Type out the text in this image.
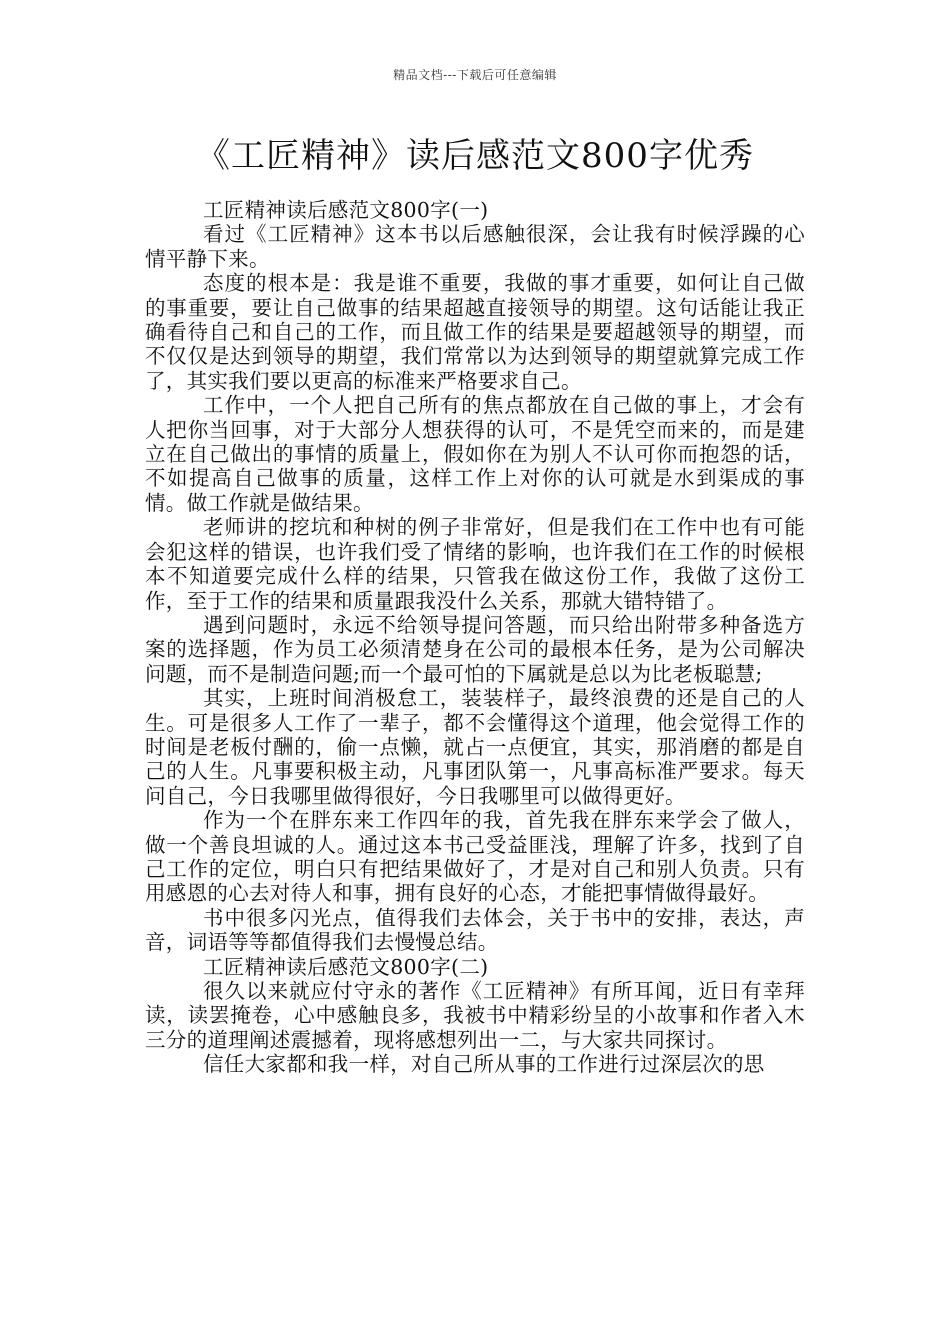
精品文档---下载后可任意编辑
《工匠精神》读后感范文800字优秀

工匠精神读后感范文800字(一)

看过《工匠精神》这本书以后感触很深，会让我有时候浮躁的心情平静下来。

态度的根本是：我是谁不重要，我做的事才重要，如何让自己做的事重要，要让自己做事的结果超越直接领导的期望。这句话能让我正确看待自己和自己的工作，而且做工作的结果是要超越领导的期望，而不仅仅是达到领导的期望，我们常常以为达到领导的期望就算完成工作了，其实我们要以更高的标准来严格要求自己。

工作中，一个人把自己所有的焦点都放在自己做的事上，才会有人把你当回事，对于大部分人想获得的认可，不是凭空而来的，而是建立在自己做出的事情的质量上，假如你在为别人不认可你而抱怨的话，不如提高自己做事的质量，这样工作上对你的认可就是水到渠成的事情。做工作就是做结果。

老师讲的挖坑和种树的例子非常好，但是我们在工作中也有可能会犯这样的错误，也许我们受了情绪的影响，也许我们在工作的时候根本不知道要完成什么样的结果，只管我在做这份工作，我做了这份工作，至于工作的结果和质量跟我没什么关系，那就大错特错了。

遇到问题时，永远不给领导提问答题，而只给出附带多种备选方案的选择题，作为员工必须清楚身在公司的最根本任务，是为公司解决问题，而不是制造问题;而一个最可怕的下属就是总以为比老板聪慧;

其实，上班时间消极怠工，装装样子，最终浪费的还是自己的人生。可是很多人工作了一辈子，都不会懂得这个道理，他会觉得工作的时间是老板付酬的，偷一点懒，就占一点便宜，其实，那消磨的都是自己的人生。凡事要积极主动，凡事团队第一，凡事高标准严要求。每天问自己，今日我哪里做得很好，今日我哪里可以做得更好。

作为一个在胖东来工作四年的我，首先我在胖东来学会了做人，做一个善良坦诚的人。通过这本书己受益匪浅，理解了许多，找到了自己工作的定位，明白只有把结果做好了，才是对自己和别人负责。只有用感恩的心去对待人和事，拥有良好的心态，才能把事情做得最好。

书中很多闪光点，值得我们去体会，关于书中的安排，表达，声音，词语等等都值得我们去慢慢总结。

工匠精神读后感范文800字(二)

很久以来就应付守永的著作《工匠精神》有所耳闻，近日有幸拜读，读罢掩卷，心中感触良多，我被书中精彩纷呈的小故事和作者入木三分的道理阐述震撼着，现将感想列出一二，与大家共同探讨。

信任大家都和我一样，对自己所从事的工作进行过深层次的思
